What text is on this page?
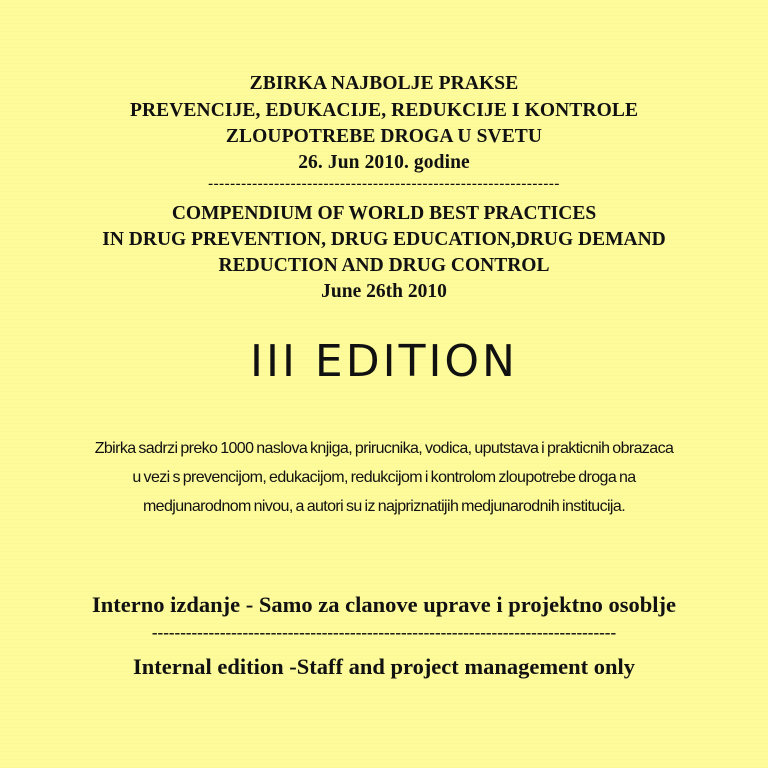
ZBIRKA NAJBOLJE PRAKSE
PREVENCIJE, EDUKACIJE, REDUKCIJE I KONTROLE
ZLOUPOTREBE DROGA U SVETU
26. Jun 2010. godine
----------------------------------------------------------------
COMPENDIUM OF WORLD BEST PRACTICES
IN DRUG PREVENTION, DRUG EDUCATION,DRUG DEMAND
REDUCTION AND DRUG CONTROL
June 26th 2010
III EDITION
Zbirka sadrzi preko 1000 naslova knjiga, prirucnika, vodica, uputstava i prakticnih obrazaca
u vezi s prevencijom, edukacijom, redukcijom i kontrolom zloupotrebe droga na
medjunarodnom nivou, a autori su iz najpriznatijih medjunarodnih institucija.
Interno izdanje - Samo za clanove uprave i projektno osoblje
----------------------------------------------------------------------------------
Internal edition -Staff and project management only
